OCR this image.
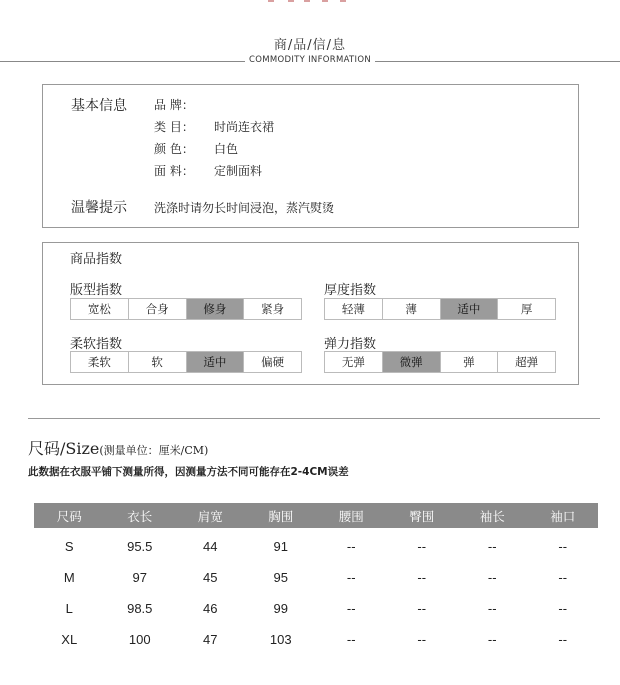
商/品/信/息
COMMODITY INFORMATION
基本信息 品 牌：
类 目： 时尚连衣裙
颜 色： 白色
面 料： 定制面料
温馨提示 洗涤时请勿长时间浸泡，蒸汽熨烫
商品指数
版型指数
宽松	合身	修身	紧身
厚度指数
轻薄	薄	适中	厚
柔软指数
柔软	软	适中	偏硬
弹力指数
无弹	微弹	弹	超弹
尺码/Size(测量单位：厘米/CM)
此数据在衣服平铺下测量所得，因测量方法不同可能存在2-4CM误差
尺码	衣长	肩宽	胸围	腰围	臀围	袖长	袖口
S	95.5	44	91	--	--	--	--
M	97	45	95	--	--	--	--
L	98.5	46	99	--	--	--	--
XL	100	47	103	--	--	--	--
